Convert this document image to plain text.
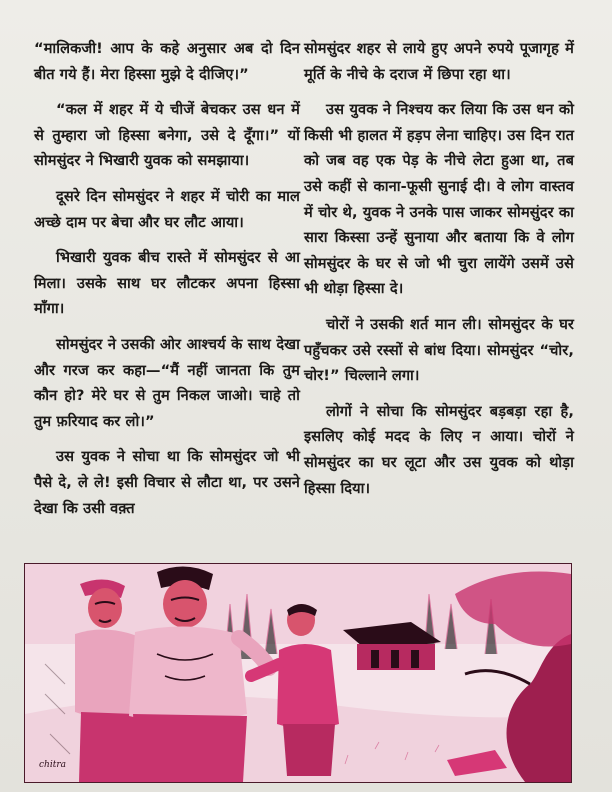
“मालिकजी! आप के कहे अनुसार अब दो दिन बीत गये हैं। मेरा हिस्सा मुझे दे दीजिए।”

“कल में शहर में ये चीजें बेचकर उस धन में से तुम्हारा जो हिस्सा बनेगा, उसे दे दूँगा।” यों सोमसुंदर ने भिखारी युवक को समझाया।

दूसरे दिन सोमसुंदर ने शहर में चोरी का माल अच्छे दाम पर बेचा और घर लौट आया।

भिखारी युवक बीच रास्ते में सोमसुंदर से आ मिला। उसके साथ घर लौटकर अपना हिस्सा माँगा।

सोमसुंदर ने उसकी ओर आश्चर्य के साथ देखा और गरज कर कहा—“मैं नहीं जानता कि तुम कौन हो? मेरे घर से तुम निकल जाओ। चाहे तो तुम फ़रियाद कर लो।”

उस युवक ने सोचा था कि सोमसुंदर जो भी पैसे दे, ले ले! इसी विचार से लौटा था, पर उसने देखा कि उसी वक़्त

सोमसुंदर शहर से लाये हुए अपने रुपये पूजागृह में मूर्ति के नीचे के दराज में छिपा रहा था।

उस युवक ने निश्चय कर लिया कि उस धन को किसी भी हालत में हड़प लेना चाहिए। उस दिन रात को जब वह एक पेड़ के नीचे लेटा हुआ था, तब उसे कहीं से काना-फूसी सुनाई दी। वे लोग वास्तव में चोर थे, युवक ने उनके पास जाकर सोमसुंदर का सारा किस्सा उन्हें सुनाया और बताया कि वे लोग सोमसुंदर के घर से जो भी चुरा लायेंगे उसमें उसे भी थोड़ा हिस्सा दे।

चोरों ने उसकी शर्त मान ली। सोमसुंदर के घर पहुँचकर उसे रस्सों से बांध दिया। सोमसुंदर “चोर, चोर!” चिल्लाने लगा।

लोगों ने सोचा कि सोमसुंदर बड़बड़ा रहा है, इसलिए कोई मदद के लिए न आया। चोरों ने सोमसुंदर का घर लूटा और उस युवक को थोड़ा हिस्सा दिया।

chitra
